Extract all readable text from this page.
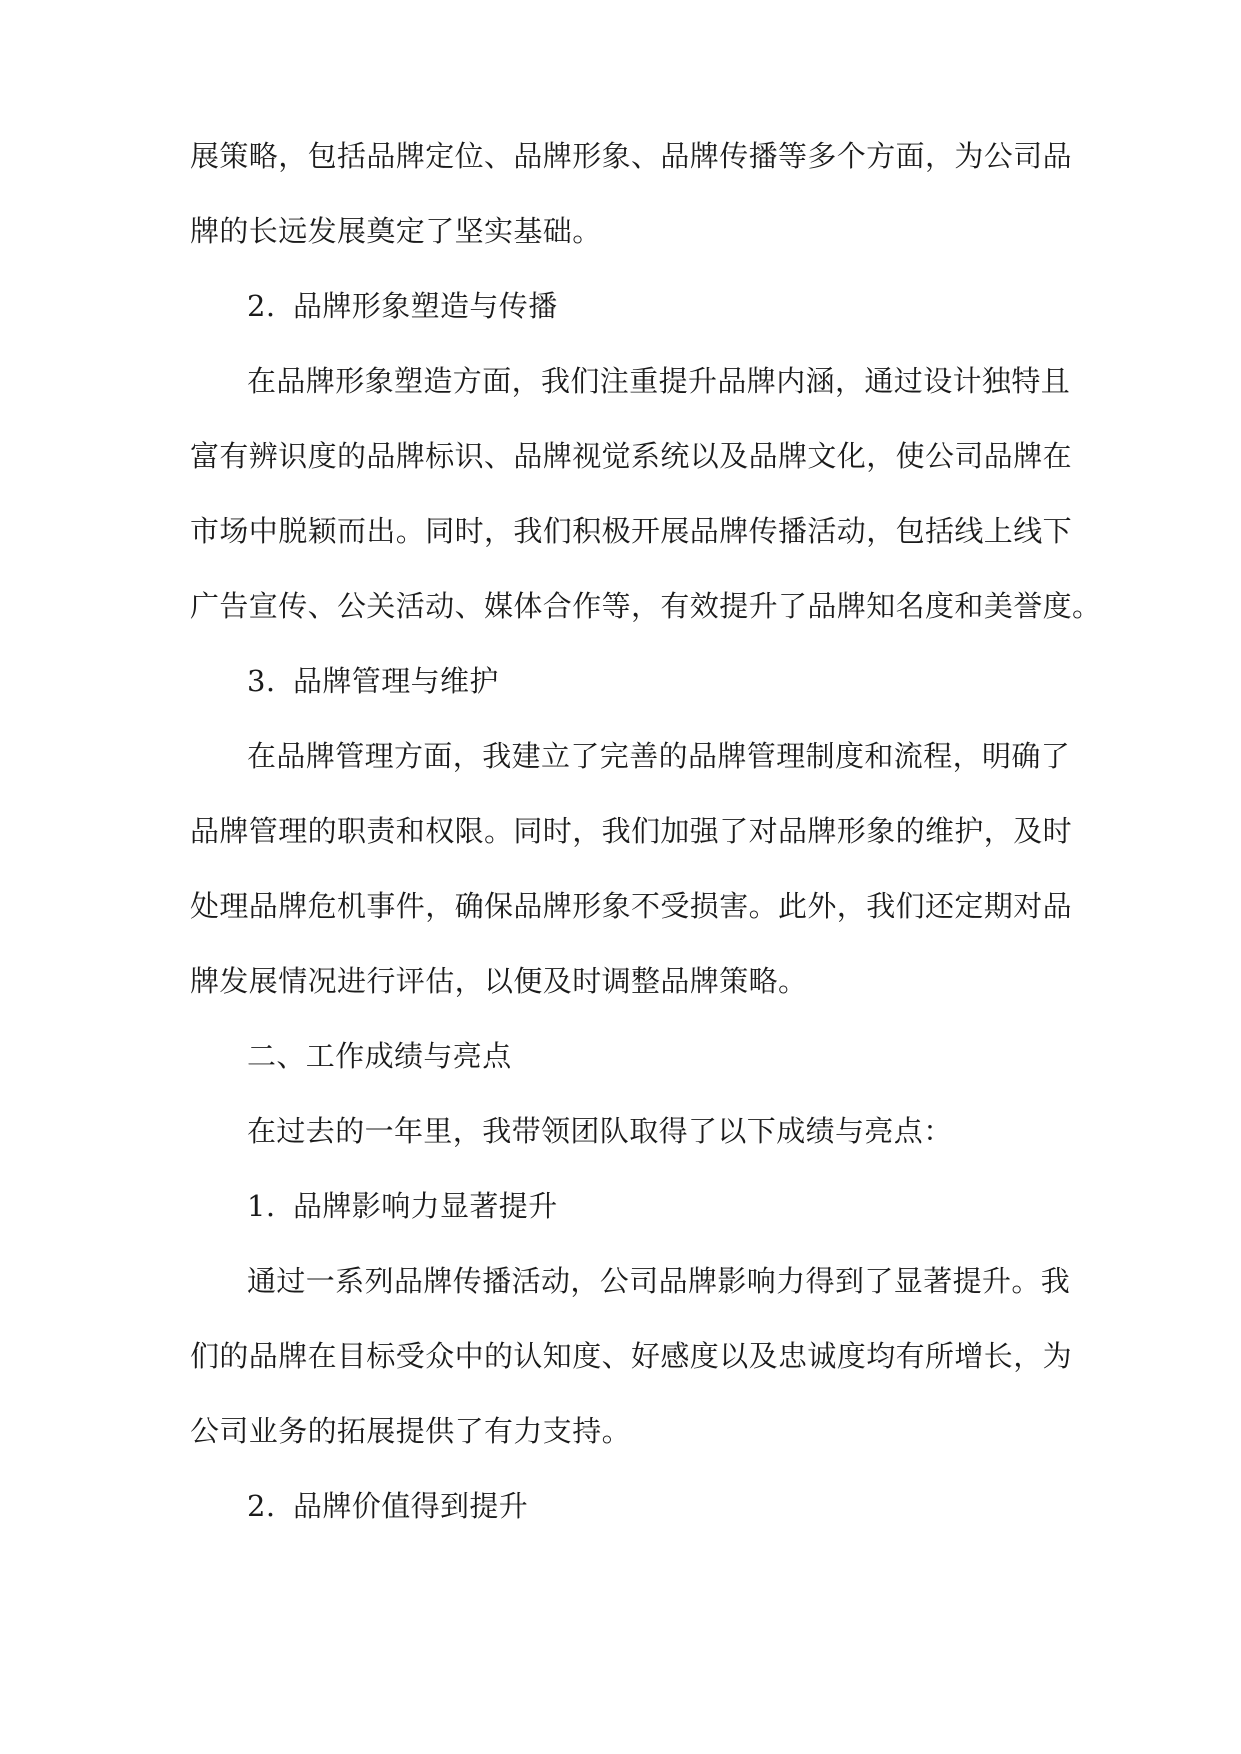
展策略，包括品牌定位、品牌形象、品牌传播等多个方面，为公司品
牌的长远发展奠定了坚实基础。
2. 品牌形象塑造与传播
在品牌形象塑造方面，我们注重提升品牌内涵，通过设计独特且
富有辨识度的品牌标识、品牌视觉系统以及品牌文化，使公司品牌在
市场中脱颖而出。同时，我们积极开展品牌传播活动，包括线上线下
广告宣传、公关活动、媒体合作等，有效提升了品牌知名度和美誉度。
3. 品牌管理与维护
在品牌管理方面，我建立了完善的品牌管理制度和流程，明确了
品牌管理的职责和权限。同时，我们加强了对品牌形象的维护，及时
处理品牌危机事件，确保品牌形象不受损害。此外，我们还定期对品
牌发展情况进行评估，以便及时调整品牌策略。
二、工作成绩与亮点
在过去的一年里，我带领团队取得了以下成绩与亮点：
1. 品牌影响力显著提升
通过一系列品牌传播活动，公司品牌影响力得到了显著提升。我
们的品牌在目标受众中的认知度、好感度以及忠诚度均有所增长，为
公司业务的拓展提供了有力支持。
2. 品牌价值得到提升
